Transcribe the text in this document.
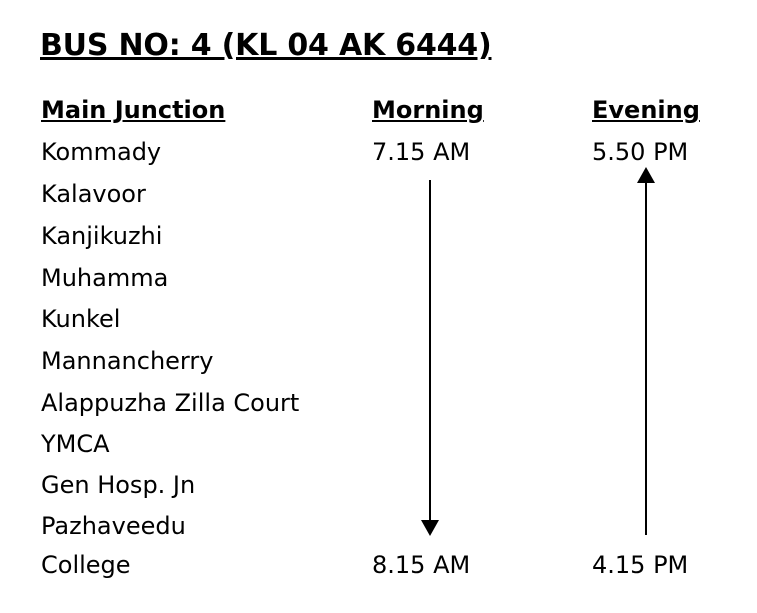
BUS NO: 4 (KL 04 AK 6444)
Main Junction	Morning	Evening
Kommady
Kalavoor
Kanjikuzhi
Muhamma
Kunkel
Mannancherry
Alappuzha Zilla Court
YMCA
Gen Hosp. Jn
Pazhaveedu
College
7.15 AM
8.15 AM
5.50 PM
4.15 PM
